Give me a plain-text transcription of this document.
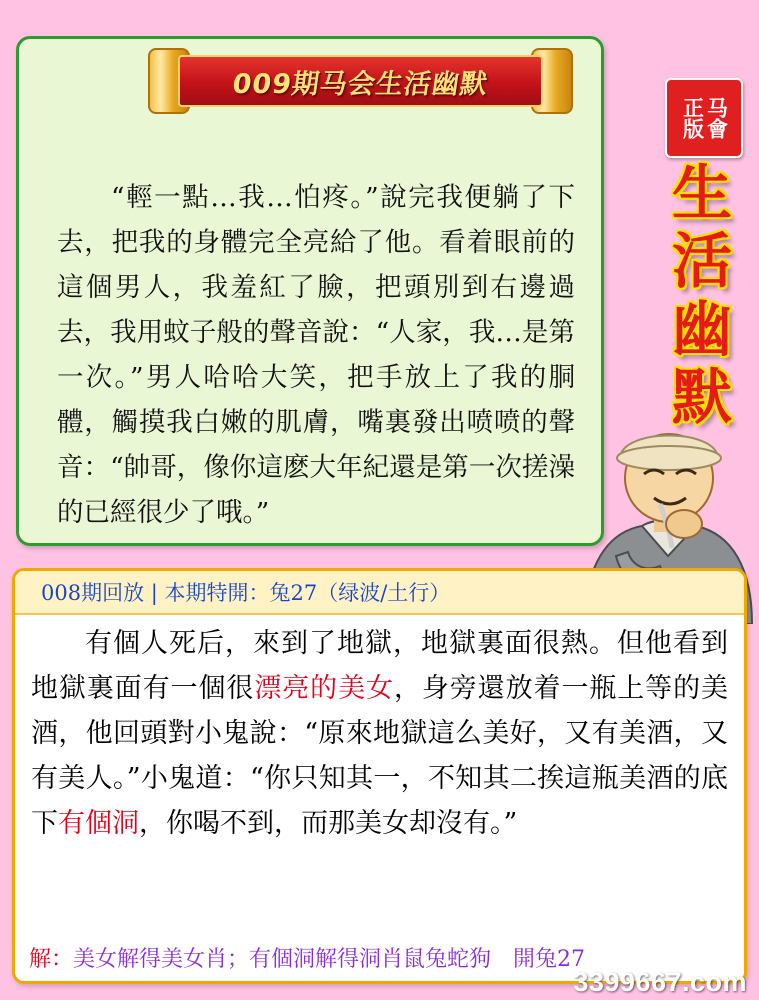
“輕一點…我…怕疼。”說完我便躺了下去，把我的身體完全亮給了他。看着眼前的這個男人，我羞紅了臉，把頭別到右邊過去，我用蚊子般的聲音說：“人家，我…是第一次。”男人哈哈大笑，把手放上了我的胴體，觸摸我白嫩的肌膚，嘴裏發出喷喷的聲音：“帥哥，像你這麽大年紀還是第一次搓澡的已經很少了哦。”
009期马会生活幽默
马會
正版
生
活
幽
默
008期回放 | 本期特開：兔27（绿波/土行）
有個人死后，來到了地獄，地獄裏面很熱。但他看到地獄裏面有一個很漂亮的美女，身旁還放着一瓶上等的美酒，他回頭對小鬼說：“原來地獄這么美好，又有美酒，又有美人。”小鬼道：“你只知其一，不知其二挨這瓶美酒的底下有個洞，你喝不到，而那美女却沒有。”
解：美女解得美女肖；有個洞解得洞肖鼠兔蛇狗　開兔27
3399667.com
